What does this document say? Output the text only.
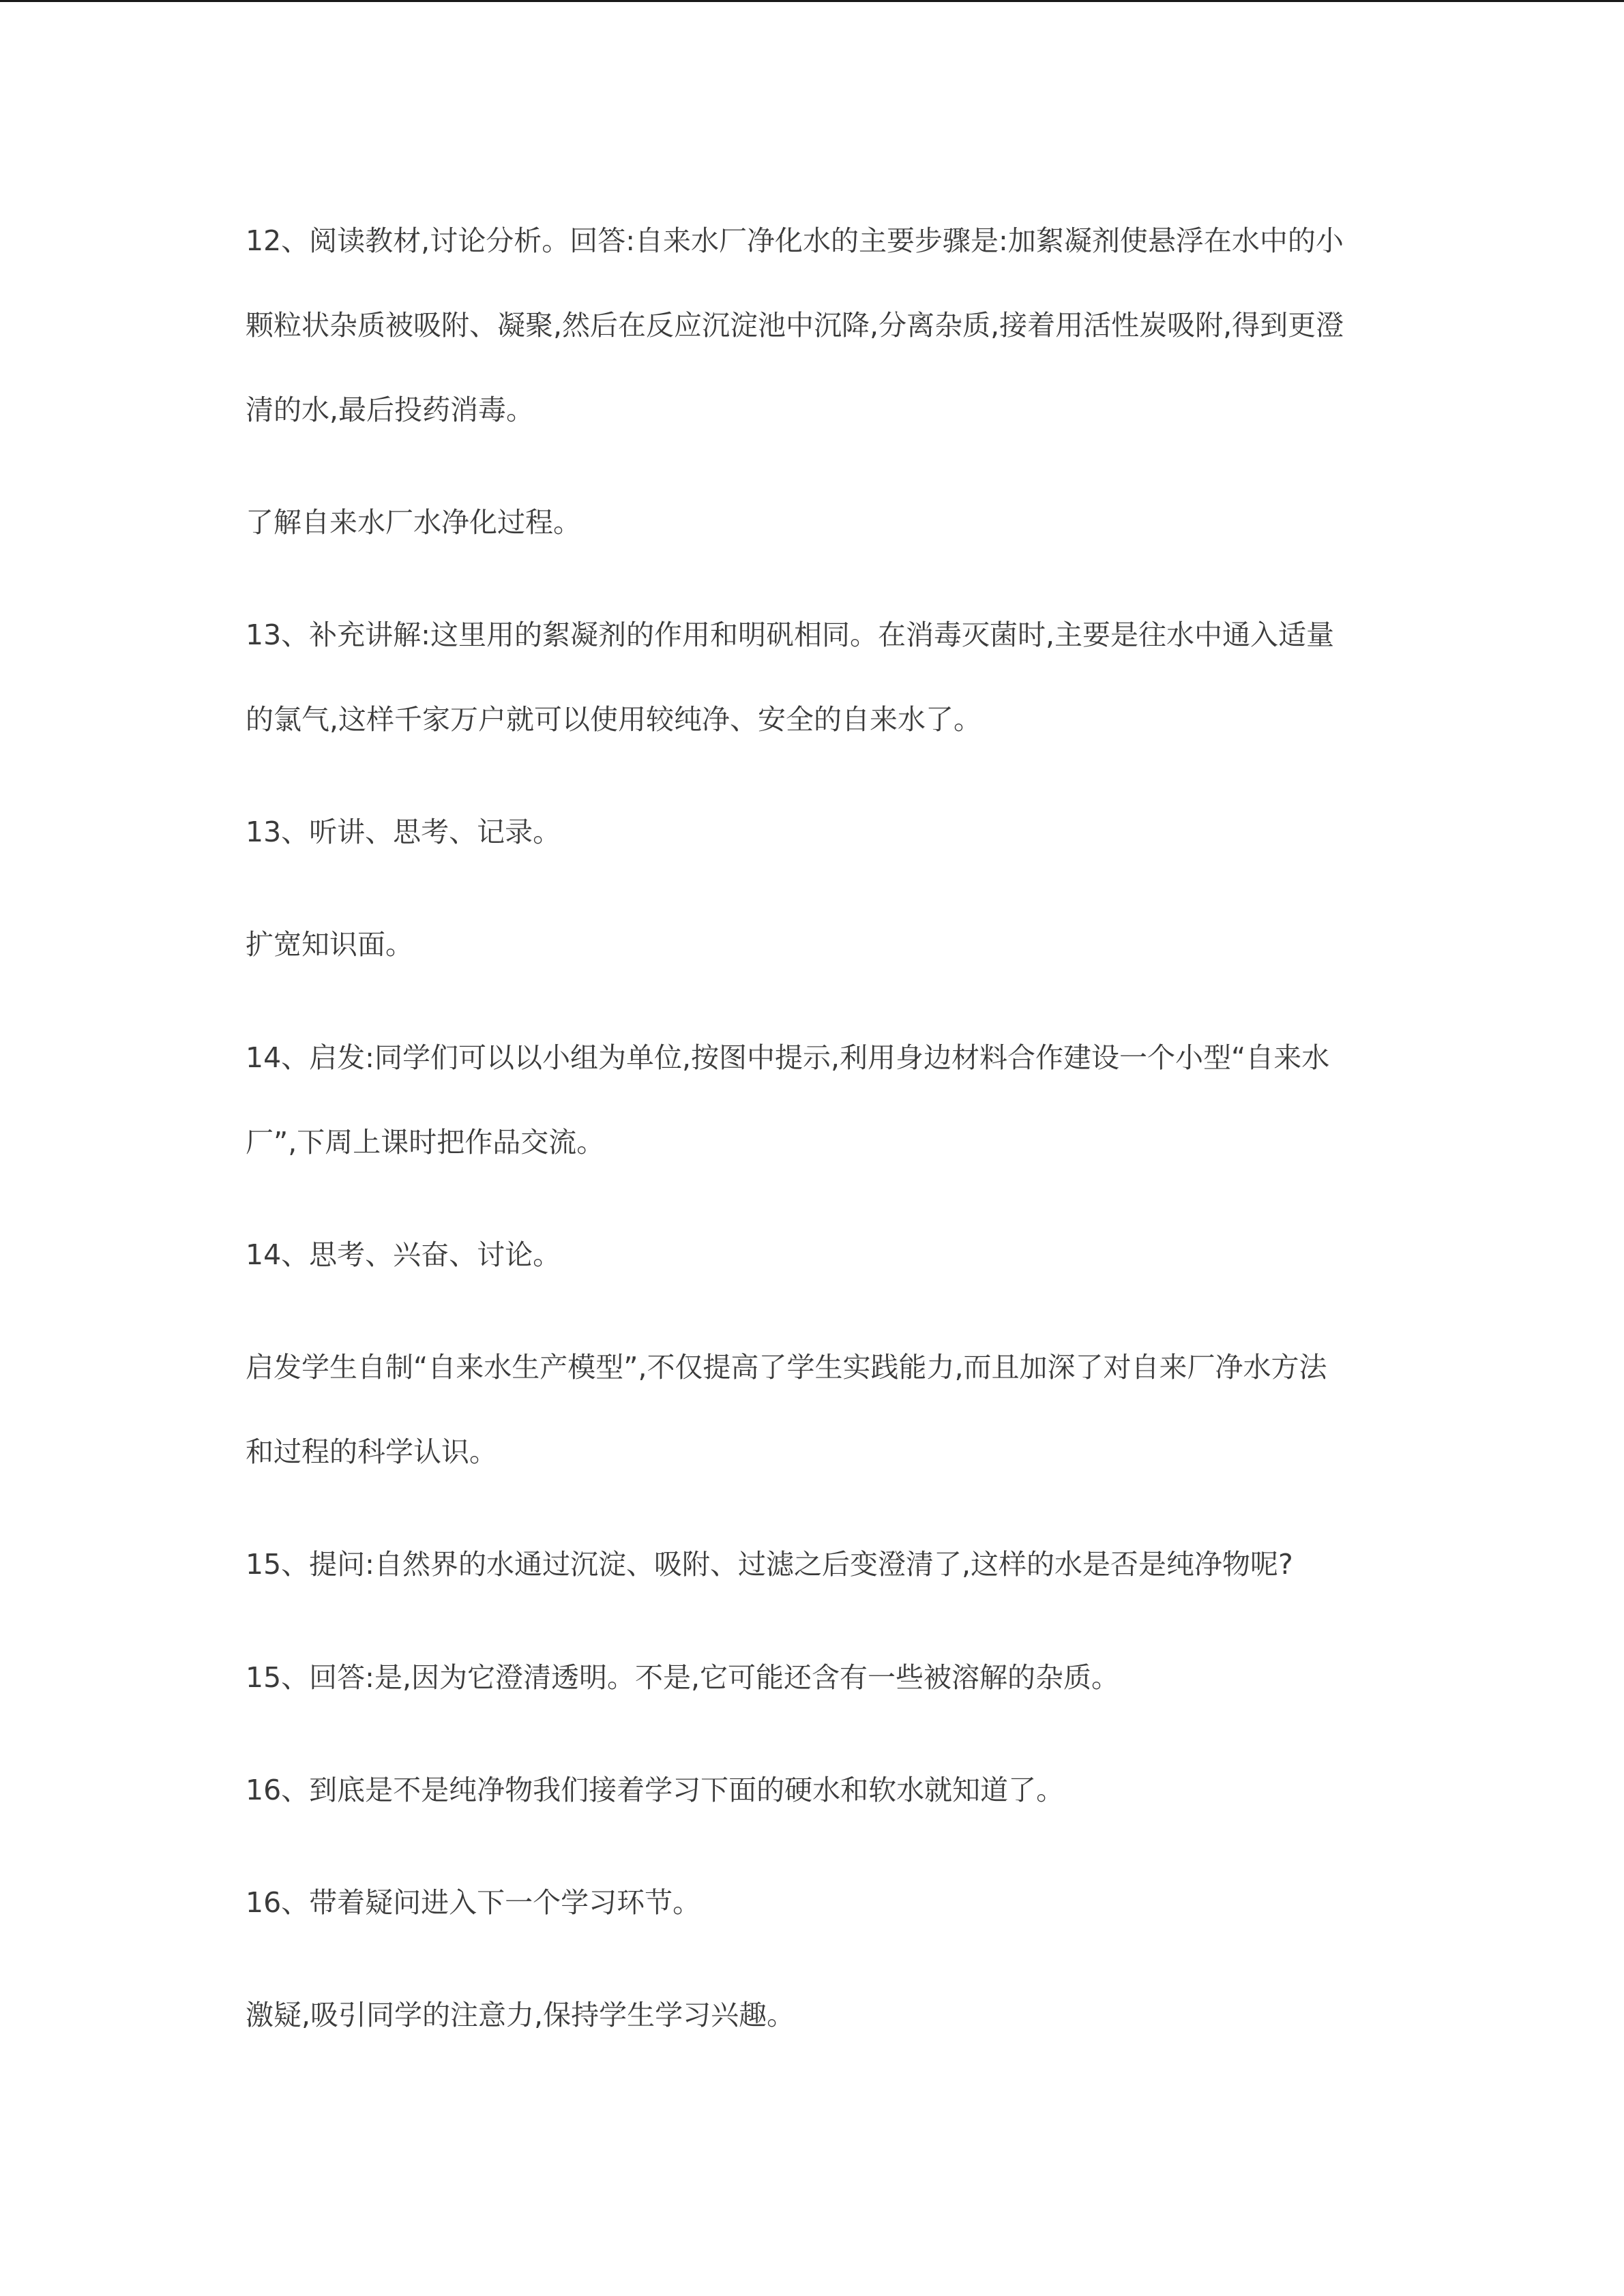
12、阅读教材,讨论分析。回答:自来水厂净化水的主要步骤是:加絮凝剂使悬浮在水中的小
颗粒状杂质被吸附、凝聚,然后在反应沉淀池中沉降,分离杂质,接着用活性炭吸附,得到更澄
清的水,最后投药消毒。
了解自来水厂水净化过程。
13、补充讲解:这里用的絮凝剂的作用和明矾相同。在消毒灭菌时,主要是往水中通入适量
的氯气,这样千家万户就可以使用较纯净、安全的自来水了。
13、听讲、思考、记录。
扩宽知识面。
14、启发:同学们可以以小组为单位,按图中提示,利用身边材料合作建设一个小型“自来水
厂”,下周上课时把作品交流。
14、思考、兴奋、讨论。
启发学生自制“自来水生产模型”,不仅提高了学生实践能力,而且加深了对自来厂净水方法
和过程的科学认识。
15、提问:自然界的水通过沉淀、吸附、过滤之后变澄清了,这样的水是否是纯净物呢?
15、回答:是,因为它澄清透明。不是,它可能还含有一些被溶解的杂质。
16、到底是不是纯净物我们接着学习下面的硬水和软水就知道了。
16、带着疑问进入下一个学习环节。
激疑,吸引同学的注意力,保持学生学习兴趣。
